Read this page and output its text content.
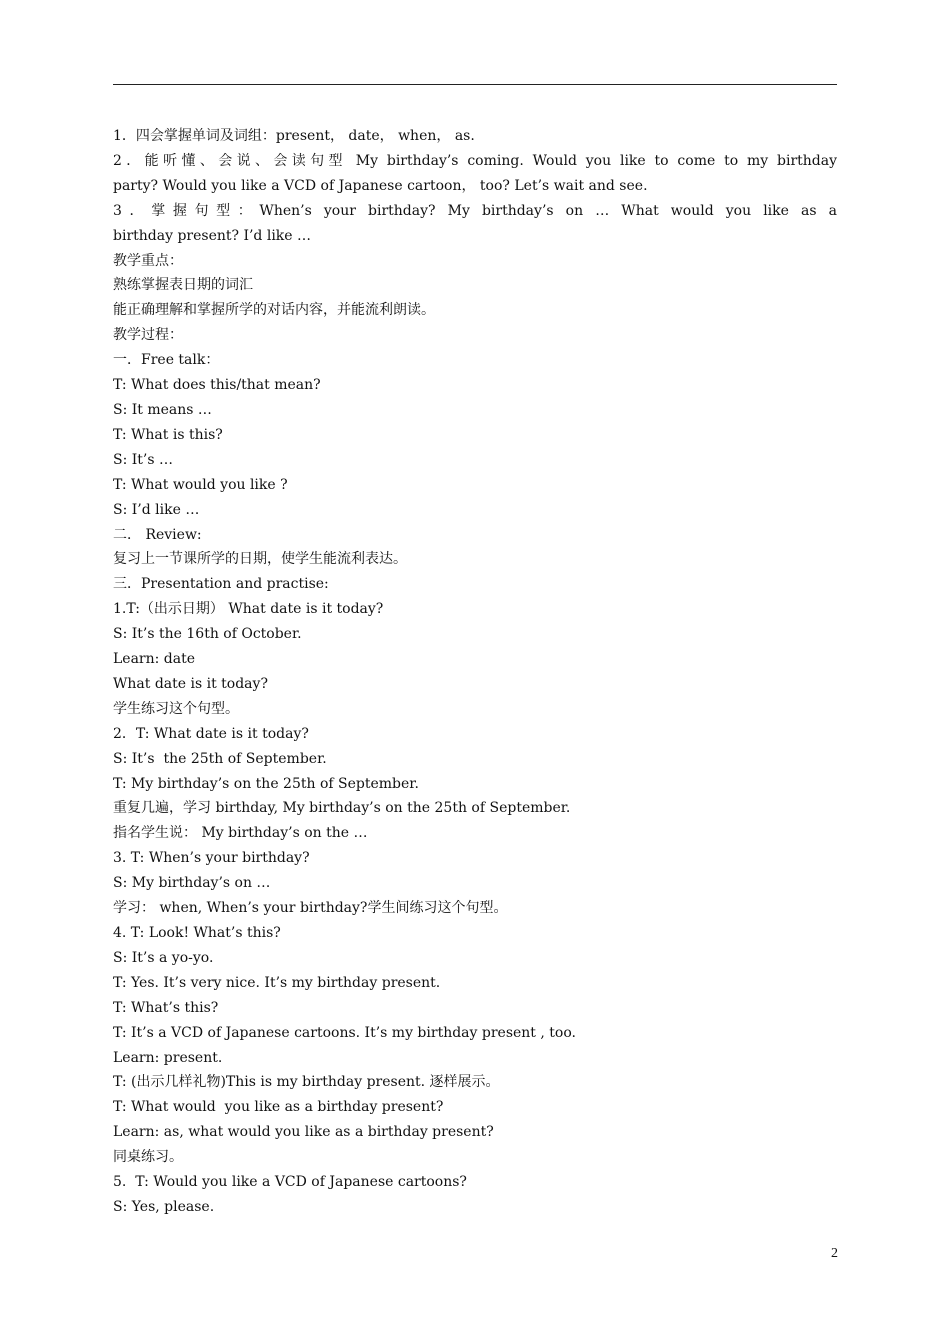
1．四会掌握单词及词组：present， date， when， as.
2．能听懂、会说、会读句型 My birthday’s coming. Would you like to come to my birthday
party? Would you like a VCD of Japanese cartoon， too? Let’s wait and see.
3．掌握句型：When’s your birthday? My birthday’s on … What would you like as a
birthday present? I’d like …
教学重点：
熟练掌握表日期的词汇
能正确理解和掌握所学的对话内容，并能流利朗读。
教学过程：
一．Free talk：
T: What does this/that mean?
S: It means …
T: What is this?
S: It’s …
T: What would you like ?
S: I’d like …
二． Review:
复习上一节课所学的日期，使学生能流利表达。
三．Presentation and practise:
1.T:（出示日期） What date is it today?
S: It’s the 16th of October.
Learn: date
What date is it today?
学生练习这个句型。
2．T: What date is it today?
S: It’s  the 25th of September.
T: My birthday’s on the 25th of September.
重复几遍，学习 birthday, My birthday’s on the 25th of September.
指名学生说： My birthday’s on the …
3. T: When’s your birthday?
S: My birthday’s on …
学习： when, When’s your birthday?学生间练习这个句型。
4. T: Look! What’s this?
S: It’s a yo-yo.
T: Yes. It’s very nice. It’s my birthday present.
T: What’s this?
T: It’s a VCD of Japanese cartoons. It’s my birthday present , too.
Learn: present.
T: (出示几样礼物)This is my birthday present. 逐样展示。
T: What would  you like as a birthday present?
Learn: as, what would you like as a birthday present?
同桌练习。
5.  T: Would you like a VCD of Japanese cartoons?
S: Yes, please.
2
